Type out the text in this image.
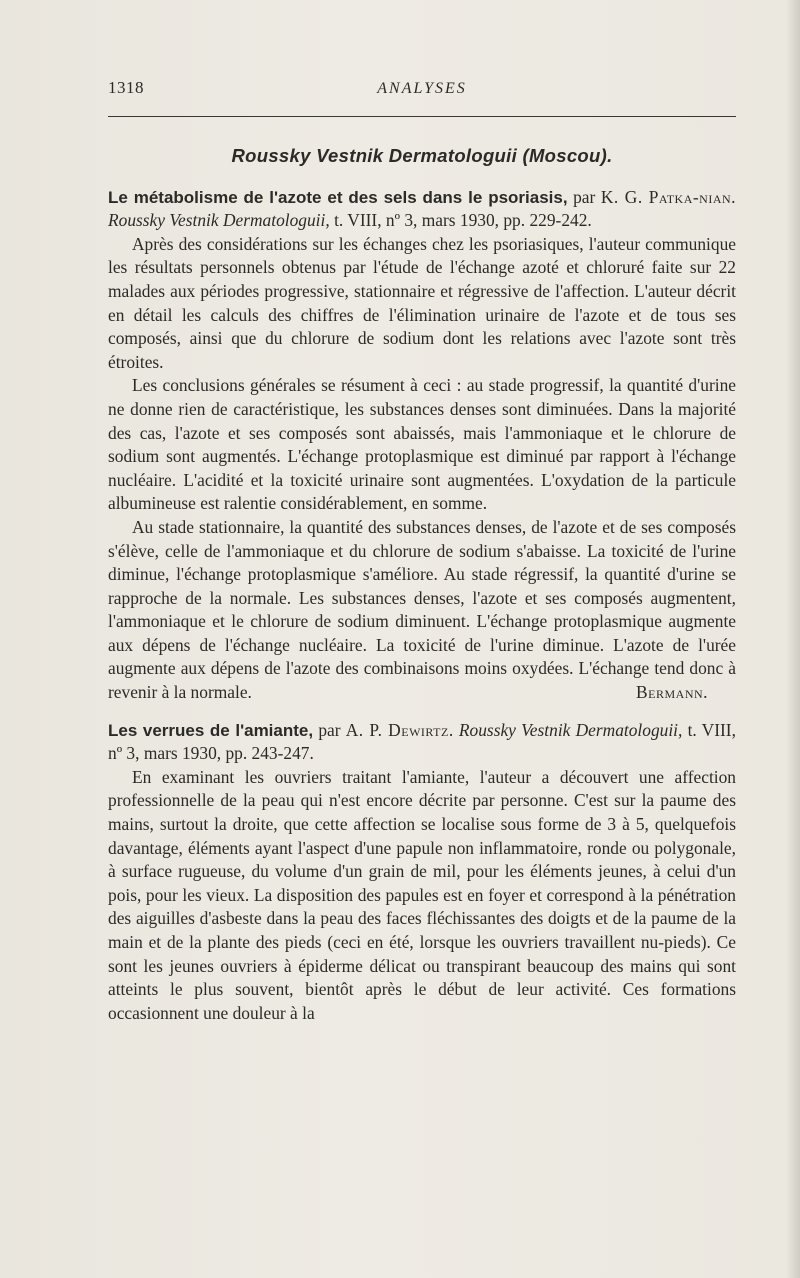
1318	ANALYSES
Roussky Vestnik Dermatologuii (Moscou).

Le métabolisme de l'azote et des sels dans le psoriasis, par K. G. Patka-nian. Roussky Vestnik Dermatologuii, t. VIII, nº 3, mars 1930, pp. 229-242.

Après des considérations sur les échanges chez les psoriasiques, l'auteur communique les résultats personnels obtenus par l'étude de l'échange azoté et chloruré faite sur 22 malades aux périodes progressive, stationnaire et régressive de l'affection. L'auteur décrit en détail les calculs des chiffres de l'élimination urinaire de l'azote et de tous ses composés, ainsi que du chlorure de sodium dont les relations avec l'azote sont très étroites.

Les conclusions générales se résument à ceci : au stade progressif, la quantité d'urine ne donne rien de caractéristique, les substances denses sont diminuées. Dans la majorité des cas, l'azote et ses composés sont abaissés, mais l'ammoniaque et le chlorure de sodium sont augmentés. L'échange protoplasmique est diminué par rapport à l'échange nucléaire. L'acidité et la toxicité urinaire sont augmentées. L'oxydation de la particule albumineuse est ralentie considérablement, en somme.

Au stade stationnaire, la quantité des substances denses, de l'azote et de ses composés s'élève, celle de l'ammoniaque et du chlorure de sodium s'abaisse. La toxicité de l'urine diminue, l'échange protoplasmique s'améliore. Au stade régressif, la quantité d'urine se rapproche de la normale. Les substances denses, l'azote et ses composés augmentent, l'ammoniaque et le chlorure de sodium diminuent. L'échange protoplasmique augmente aux dépens de l'échange nucléaire. La toxicité de l'urine diminue. L'azote de l'urée augmente aux dépens de l'azote des combinaisons moins oxydées. L'échange tend donc à revenir à la normale.	Bermann.

Les verrues de l'amiante, par A. P. Dewirtz. Roussky Vestnik Dermatologuii, t. VIII, nº 3, mars 1930, pp. 243-247.

En examinant les ouvriers traitant l'amiante, l'auteur a découvert une affection professionnelle de la peau qui n'est encore décrite par personne. C'est sur la paume des mains, surtout la droite, que cette affection se localise sous forme de 3 à 5, quelquefois davantage, éléments ayant l'aspect d'une papule non inflammatoire, ronde ou polygonale, à surface rugueuse, du volume d'un grain de mil, pour les éléments jeunes, à celui d'un pois, pour les vieux. La disposition des papules est en foyer et correspond à la pénétration des aiguilles d'asbeste dans la peau des faces fléchissantes des doigts et de la paume de la main et de la plante des pieds (ceci en été, lorsque les ouvriers travaillent nu-pieds). Ce sont les jeunes ouvriers à épiderme délicat ou transpirant beaucoup des mains qui sont atteints le plus souvent, bientôt après le début de leur activité. Ces formations occasionnent une douleur à la
